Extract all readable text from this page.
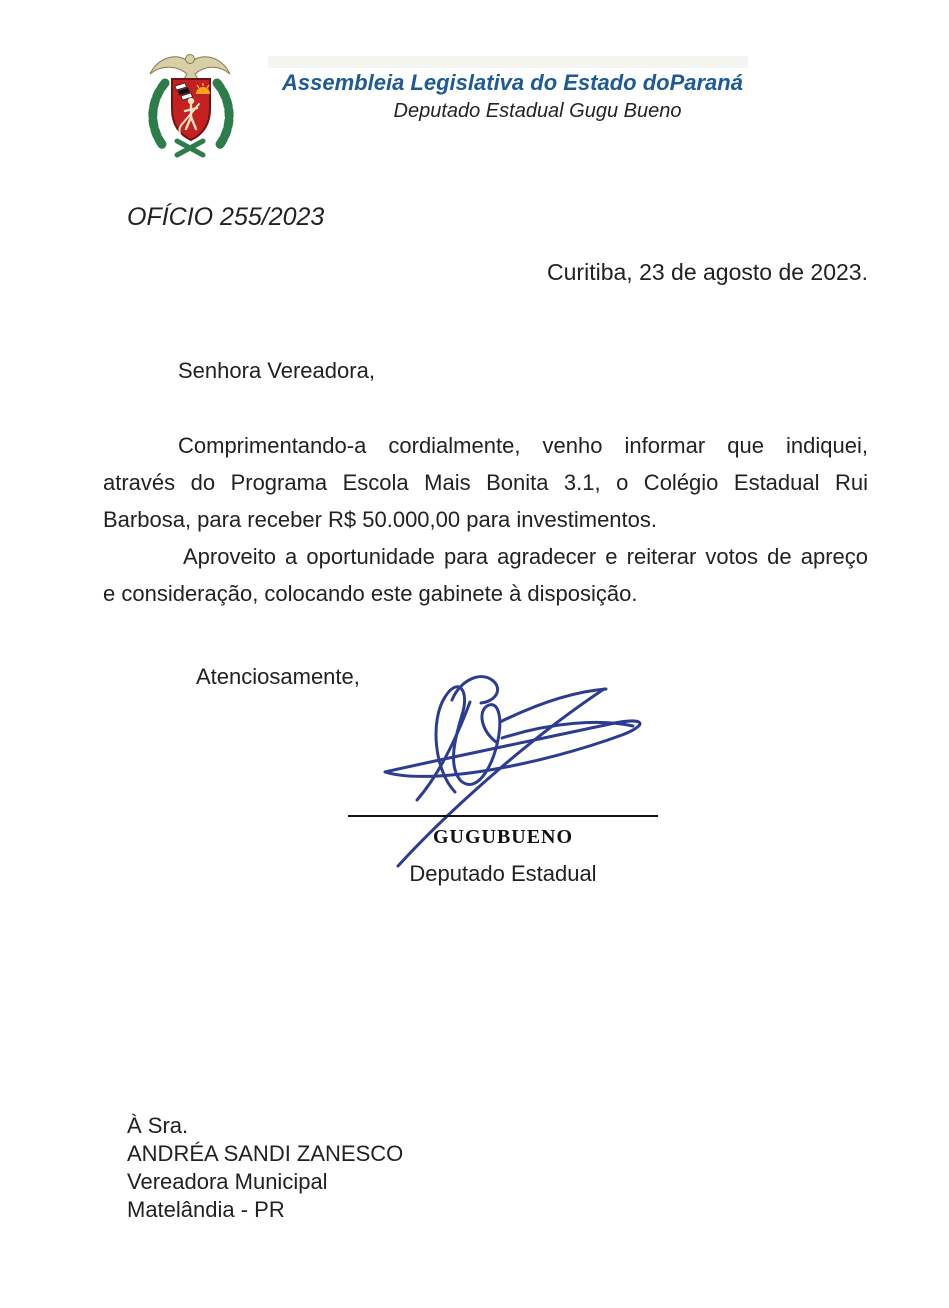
Assembleia Legislativa do Estado doParaná
Deputado Estadual Gugu Bueno
OFÍCIO 255/2023
Curitiba, 23 de agosto de 2023.
Senhora Vereadora,
Comprimentando-a cordialmente, venho informar que indiquei,
através do Programa Escola Mais Bonita 3.1, o Colégio Estadual Rui
Barbosa, para receber R$ 50.000,00 para investimentos.
Aproveito a oportunidade para agradecer e reiterar votos de apreço
e consideração, colocando este gabinete à disposição.
Atenciosamente,
GUGUBUENO
Deputado Estadual
À Sra.
ANDRÉA SANDI ZANESCO
Vereadora Municipal
Matelândia - PR
